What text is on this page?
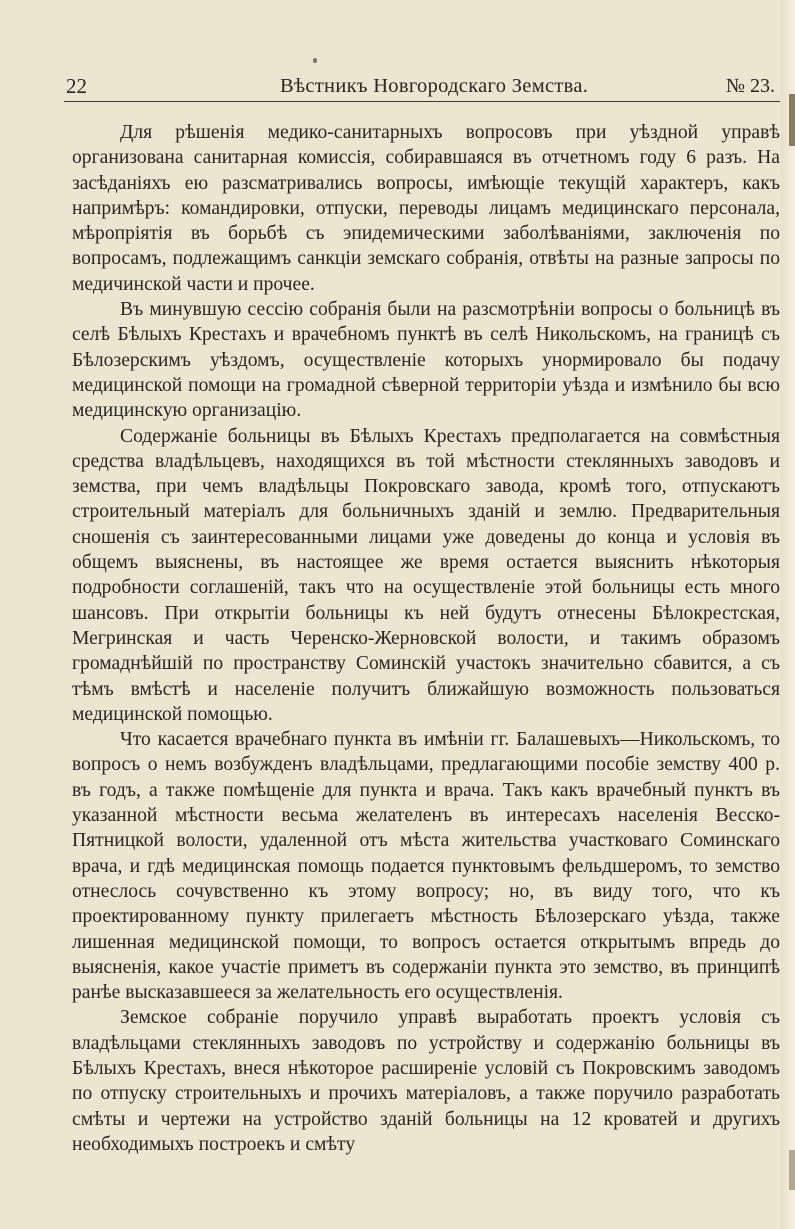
22	Вѣстникъ Новгородскаго Земства.	№ 23.

Для рѣшенія медико-санитарныхъ вопросовъ при уѣздной управѣ организована санитарная комиссія, собиравшаяся въ отчетномъ году 6 разъ. На засѣданіяхъ ею разсматривались вопросы, имѣющіе текущій характеръ, какъ напримѣръ: командировки, отпуски, переводы лицамъ медицинскаго персонала, мѣропріятія въ борьбѣ съ эпидемическими заболѣваніями, заключенія по вопросамъ, подлежащимъ санкціи земскаго собранія, отвѣты на разные запросы по медичинской части и прочее.

Въ минувшую сессію собранія были на разсмотрѣніи вопросы о больницѣ въ селѣ Бѣлыхъ Крестахъ и врачебномъ пунктѣ въ селѣ Никольскомъ, на границѣ съ Бѣлозерскимъ уѣздомъ, осуществленіе которыхъ унормировало бы подачу медицинской помощи на громадной сѣверной территоріи уѣзда и измѣнило бы всю медицинскую организацію.

Содержаніе больницы въ Бѣлыхъ Крестахъ предполагается на совмѣстныя средства владѣльцевъ, находящихся въ той мѣстности стеклянныхъ заводовъ и земства, при чемъ владѣльцы Покровскаго завода, кромѣ того, отпускаютъ строительный матеріалъ для больничныхъ зданій и землю. Предварительныя сношенія съ заинтересованными лицами уже доведены до конца и условія въ общемъ выяснены, въ настоящее же время остается выяснить нѣкоторыя подробности соглашеній, такъ что на осуществленіе этой больницы есть много шансовъ. При открытіи больницы къ ней будутъ отнесены Бѣлокрестская, Мегринская и часть Черенско-Жерновской волости, и такимъ образомъ громаднѣйшій по пространству Соминскій участокъ значительно сбавится, а съ тѣмъ вмѣстѣ и населеніе получитъ ближайшую возможность пользоваться медицинской помощью.

Что касается врачебнаго пункта въ имѣніи гг. Балашевыхъ—Никольскомъ, то вопросъ о немъ возбужденъ владѣльцами, предлагающими пособіе земству 400 р. въ годъ, а также помѣщеніе для пункта и врача. Такъ какъ врачебный пунктъ въ указанной мѣстности весьма желателенъ въ интересахъ населенія Весско-Пятницкой волости, удаленной отъ мѣста жительства участковаго Соминскаго врача, и гдѣ медицинская помощь подается пунктовымъ фельдшеромъ, то земство отнеслось сочувственно къ этому вопросу; но, въ виду того, что къ проектированному пункту прилегаетъ мѣстность Бѣлозерскаго уѣзда, также лишенная медицинской помощи, то вопросъ остается открытымъ впредь до выясненія, какое участіе приметъ въ содержаніи пункта это земство, въ принципѣ ранѣе высказавшееся за желательность его осуществленія.

Земское собраніе поручило управѣ выработать проектъ условія съ владѣльцами стеклянныхъ заводовъ по устройству и содержанію больницы въ Бѣлыхъ Крестахъ, внеся нѣкоторое расширеніе условій съ Покровскимъ заводомъ по отпуску строительныхъ и прочихъ матеріаловъ, а также поручило разработать смѣты и чертежи на устройство зданій больницы на 12 кроватей и другихъ необходимыхъ построекъ и смѣту
